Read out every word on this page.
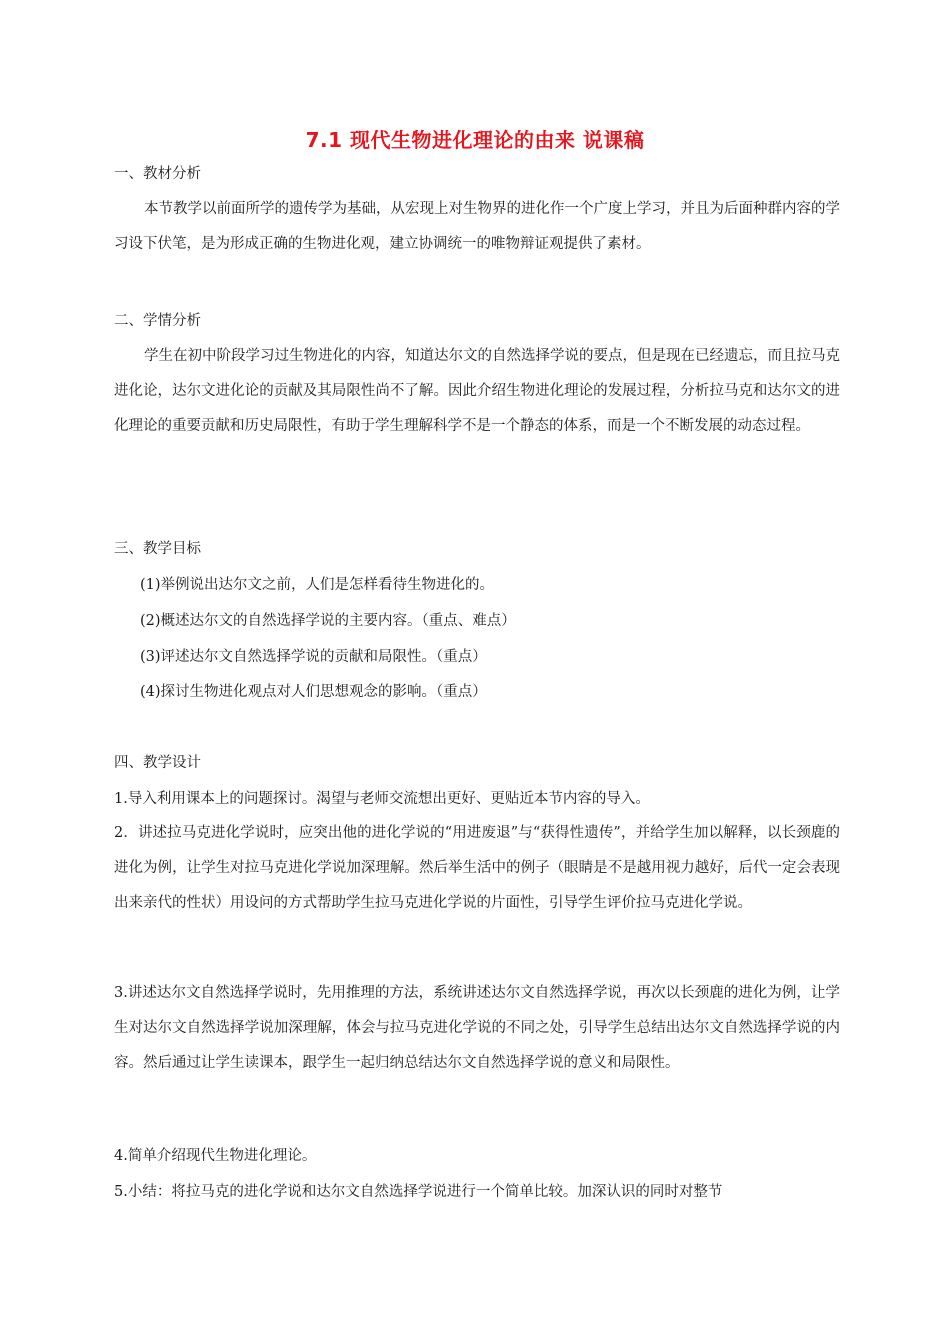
7.1 现代生物进化理论的由来 说课稿
一、教材分析

本节教学以前面所学的遗传学为基础，从宏现上对生物界的进化作一个广度上学习，并且为后面种群内容的学习设下伏笔，是为形成正确的生物进化观，建立协调统一的唯物辩证观提供了素材。

二、学情分析

学生在初中阶段学习过生物进化的内容，知道达尔文的自然选择学说的要点，但是现在已经遗忘，而且拉马克进化论，达尔文进化论的贡献及其局限性尚不了解。因此介绍生物进化理论的发展过程，分析拉马克和达尔文的进化理论的重要贡献和历史局限性，有助于学生理解科学不是一个静态的体系，而是一个不断发展的动态过程。

三、教学目标
(1)举例说出达尔文之前，人们是怎样看待生物进化的。
(2)概述达尔文的自然选择学说的主要内容。（重点、难点）
(3)评述达尔文自然选择学说的贡献和局限性。（重点）
(4)探讨生物进化观点对人们思想观念的影响。（重点）
四、教学设计
1.导入利用课本上的问题探讨。渴望与老师交流想出更好、更贴近本节内容的导入。

2．讲述拉马克进化学说时，应突出他的进化学说的“用进废退”与“获得性遗传”，并给学生加以解释，以长颈鹿的进化为例，让学生对拉马克进化学说加深理解。然后举生活中的例子（眼睛是不是越用视力越好，后代一定会表现出来亲代的性状）用设问的方式帮助学生拉马克进化学说的片面性，引导学生评价拉马克进化学说。

3.讲述达尔文自然选择学说时，先用推理的方法，系统讲述达尔文自然选择学说，再次以长颈鹿的进化为例，让学生对达尔文自然选择学说加深理解，体会与拉马克进化学说的不同之处，引导学生总结出达尔文自然选择学说的内容。然后通过让学生读课本，跟学生一起归纳总结达尔文自然选择学说的意义和局限性。

4.简单介绍现代生物进化理论。
5.小结：将拉马克的进化学说和达尔文自然选择学说进行一个简单比较。加深认识的同时对整节
